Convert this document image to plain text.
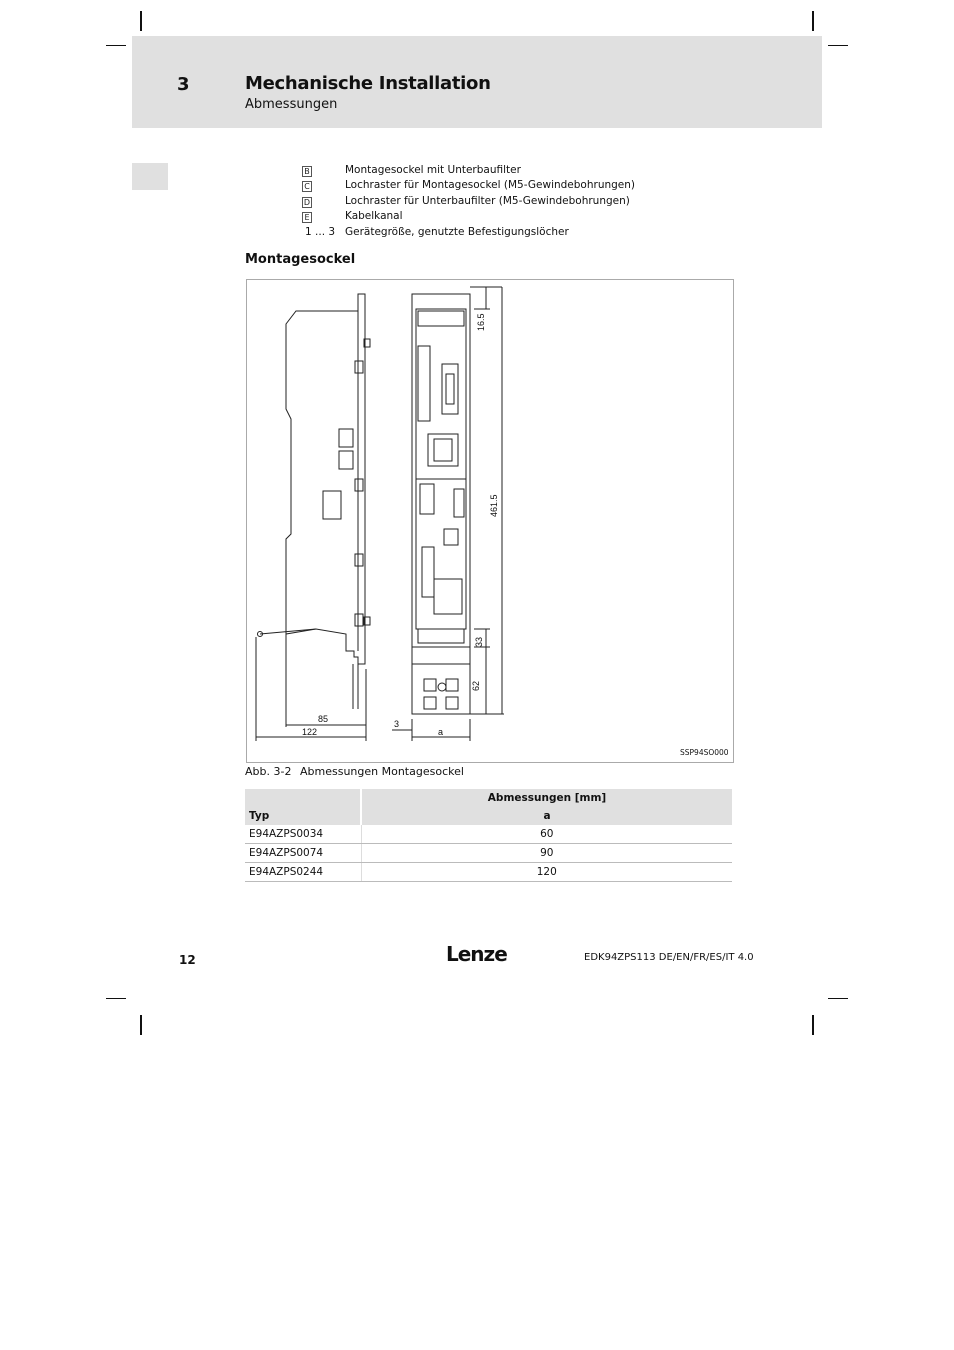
3	Mechanische Installation
Abmessungen
B	Montagesockel mit Unterbaufilter
C	Lochraster für Montagesockel (M5-Gewindebohrungen)
D	Lochraster für Unterbaufilter (M5-Gewindebohrungen)
E	Kabelkanal
1 ... 3 Gerätegröße, genutzte Befestigungslöcher
Montagesockel
85
122
3
a
16.5
461.5
33
62
SSP94SO000
Abb. 3-2 Abmessungen Montagesockel
	Abmessungen [mm]
Typ	a
E94AZPS0034	60
E94AZPS0074	90
E94AZPS0244	120
12	Lenze	EDK94ZPS113 DE/EN/FR/ES/IT 4.0
